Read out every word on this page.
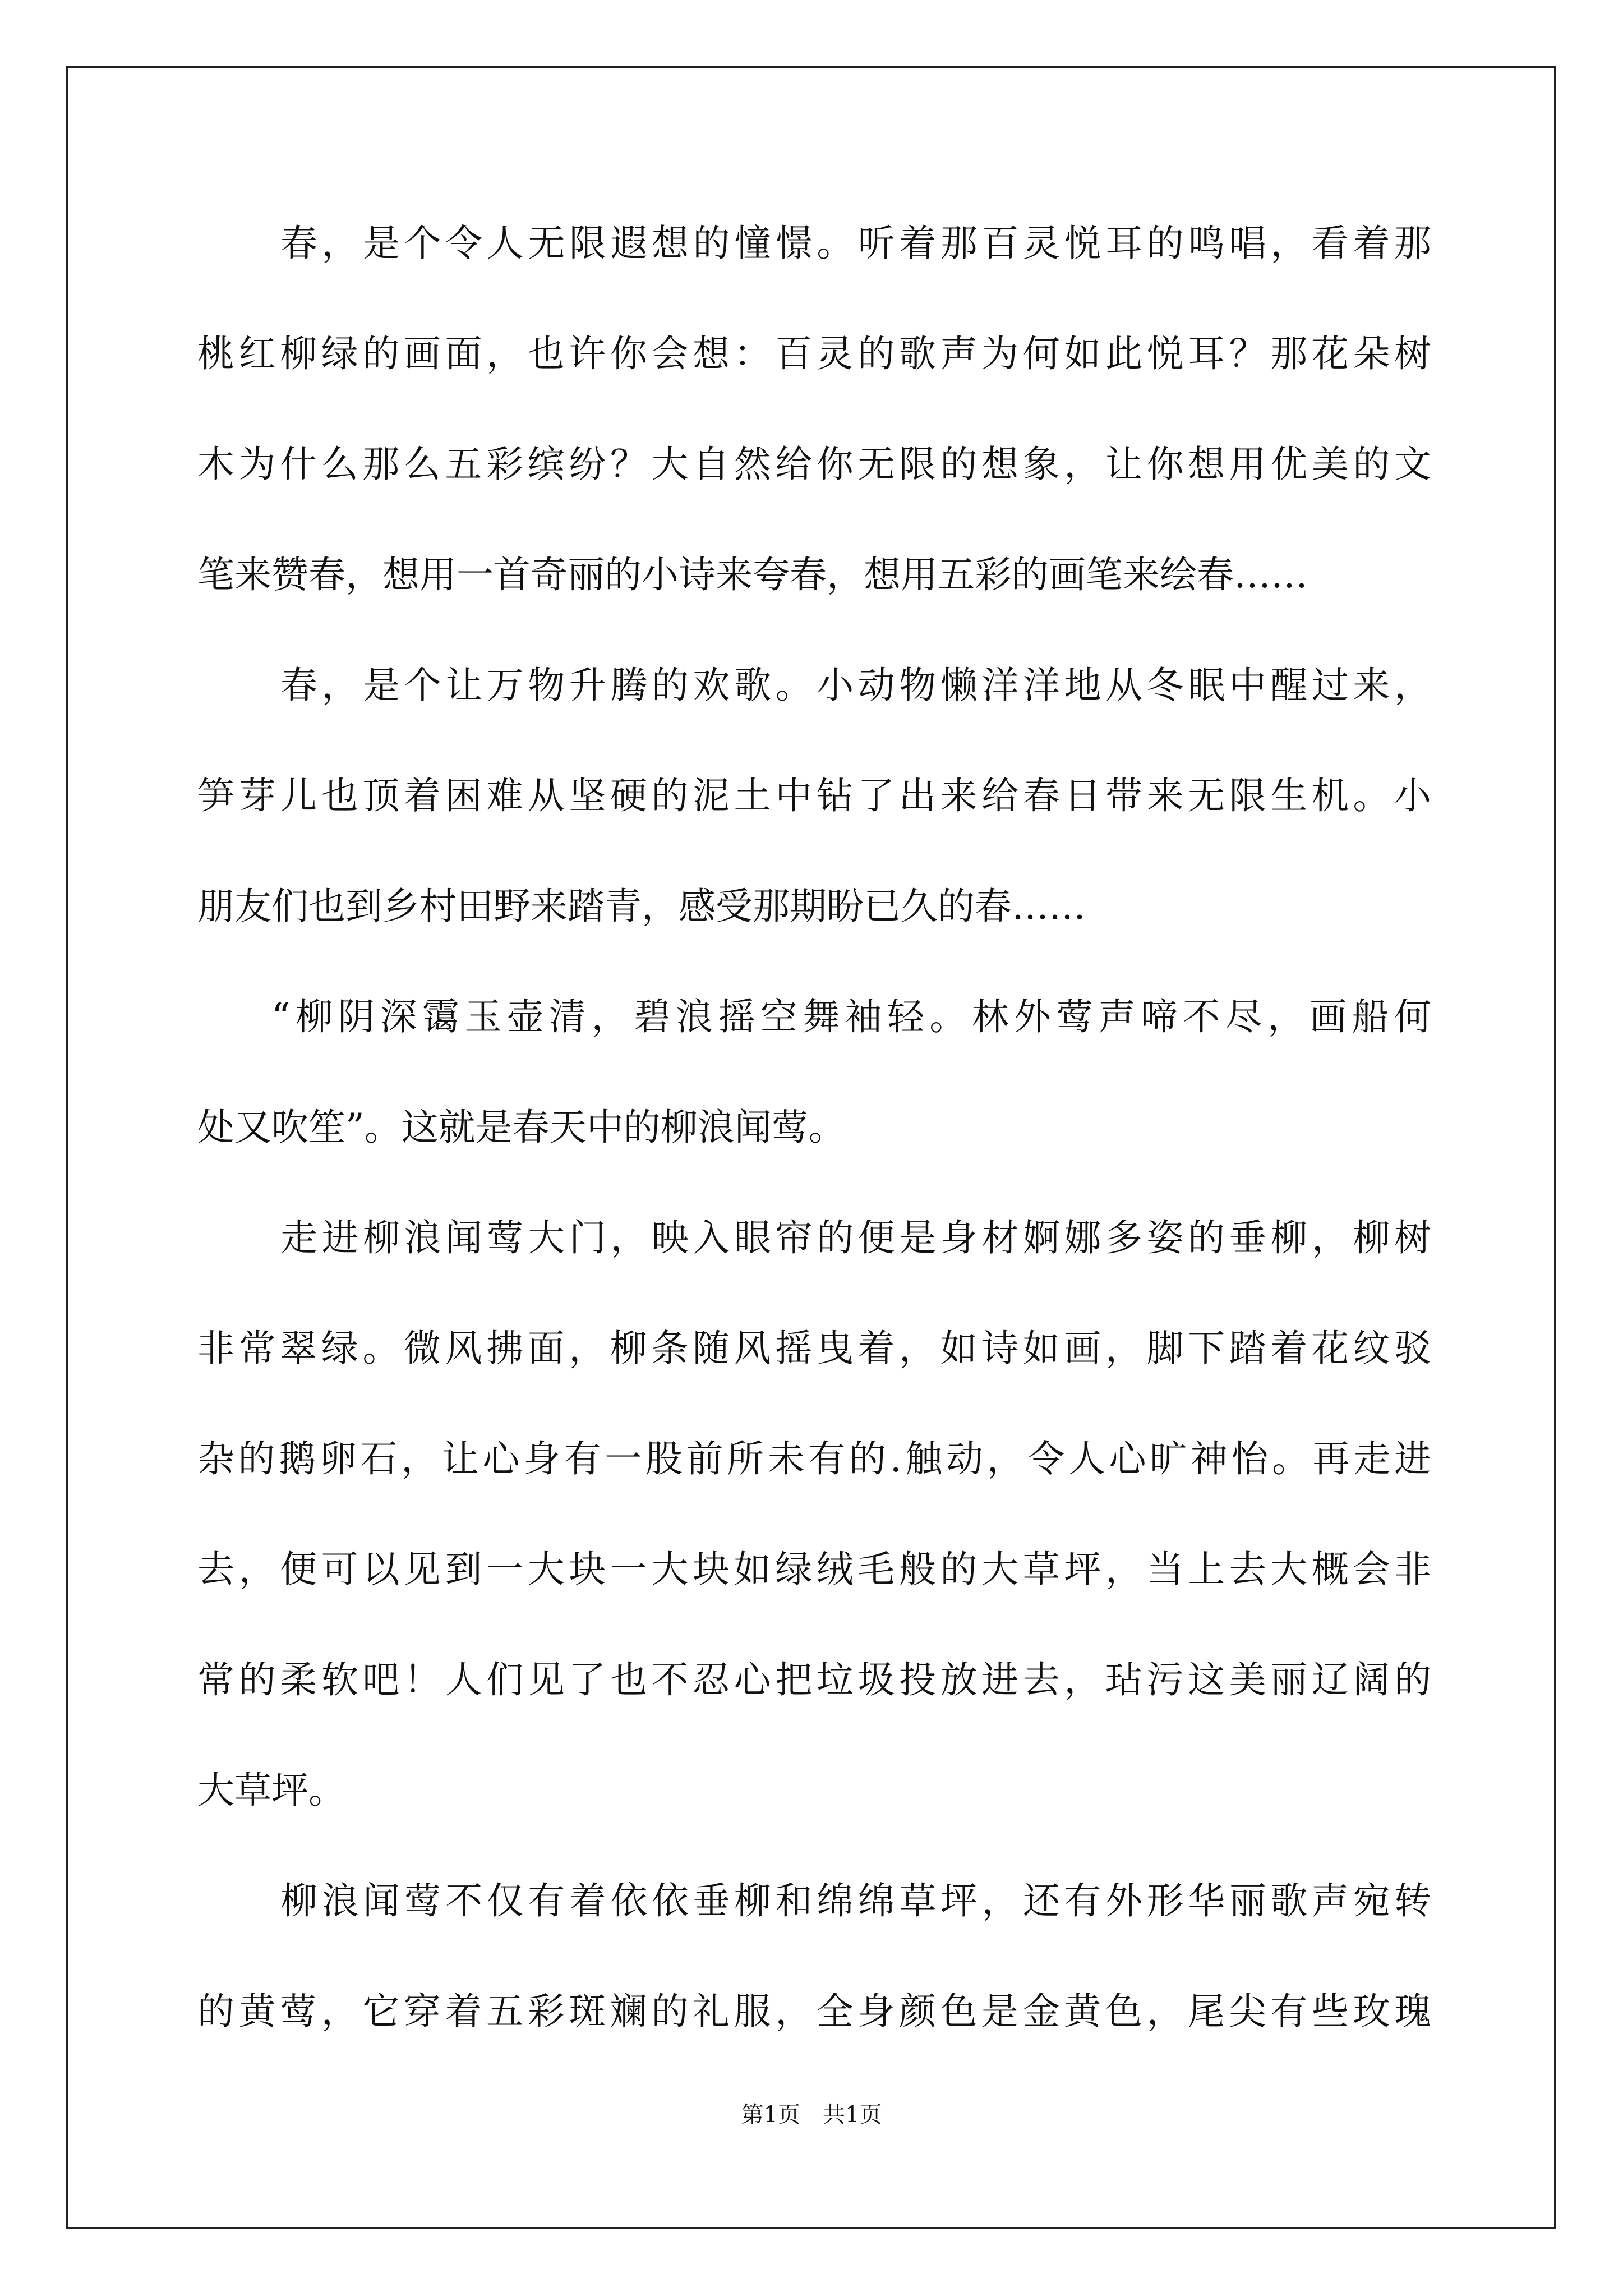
春，是个令人无限遐想的憧憬。听着那百灵悦耳的鸣唱，看着那
桃红柳绿的画面，也许你会想：百灵的歌声为何如此悦耳？那花朵树
木为什么那么五彩缤纷？大自然给你无限的想象，让你想用优美的文
笔来赞春，想用一首奇丽的小诗来夸春，想用五彩的画笔来绘春……
春，是个让万物升腾的欢歌。小动物懒洋洋地从冬眠中醒过来，
笋芽儿也顶着困难从坚硬的泥土中钻了出来给春日带来无限生机。小
朋友们也到乡村田野来踏青，感受那期盼已久的春……
“柳阴深霭玉壶清，碧浪摇空舞袖轻。林外莺声啼不尽，画船何
处又吹笙”。这就是春天中的柳浪闻莺。
走进柳浪闻莺大门，映入眼帘的便是身材婀娜多姿的垂柳，柳树
非常翠绿。微风拂面，柳条随风摇曳着，如诗如画，脚下踏着花纹驳
杂的鹅卵石，让心身有一股前所未有的.触动，令人心旷神怡。再走进
去，便可以见到一大块一大块如绿绒毛般的大草坪，当上去大概会非
常的柔软吧！人们见了也不忍心把垃圾投放进去，玷污这美丽辽阔的
大草坪。
柳浪闻莺不仅有着依依垂柳和绵绵草坪，还有外形华丽歌声宛转
的黄莺，它穿着五彩斑斓的礼服，全身颜色是金黄色，尾尖有些玫瑰
第1页　共1页
